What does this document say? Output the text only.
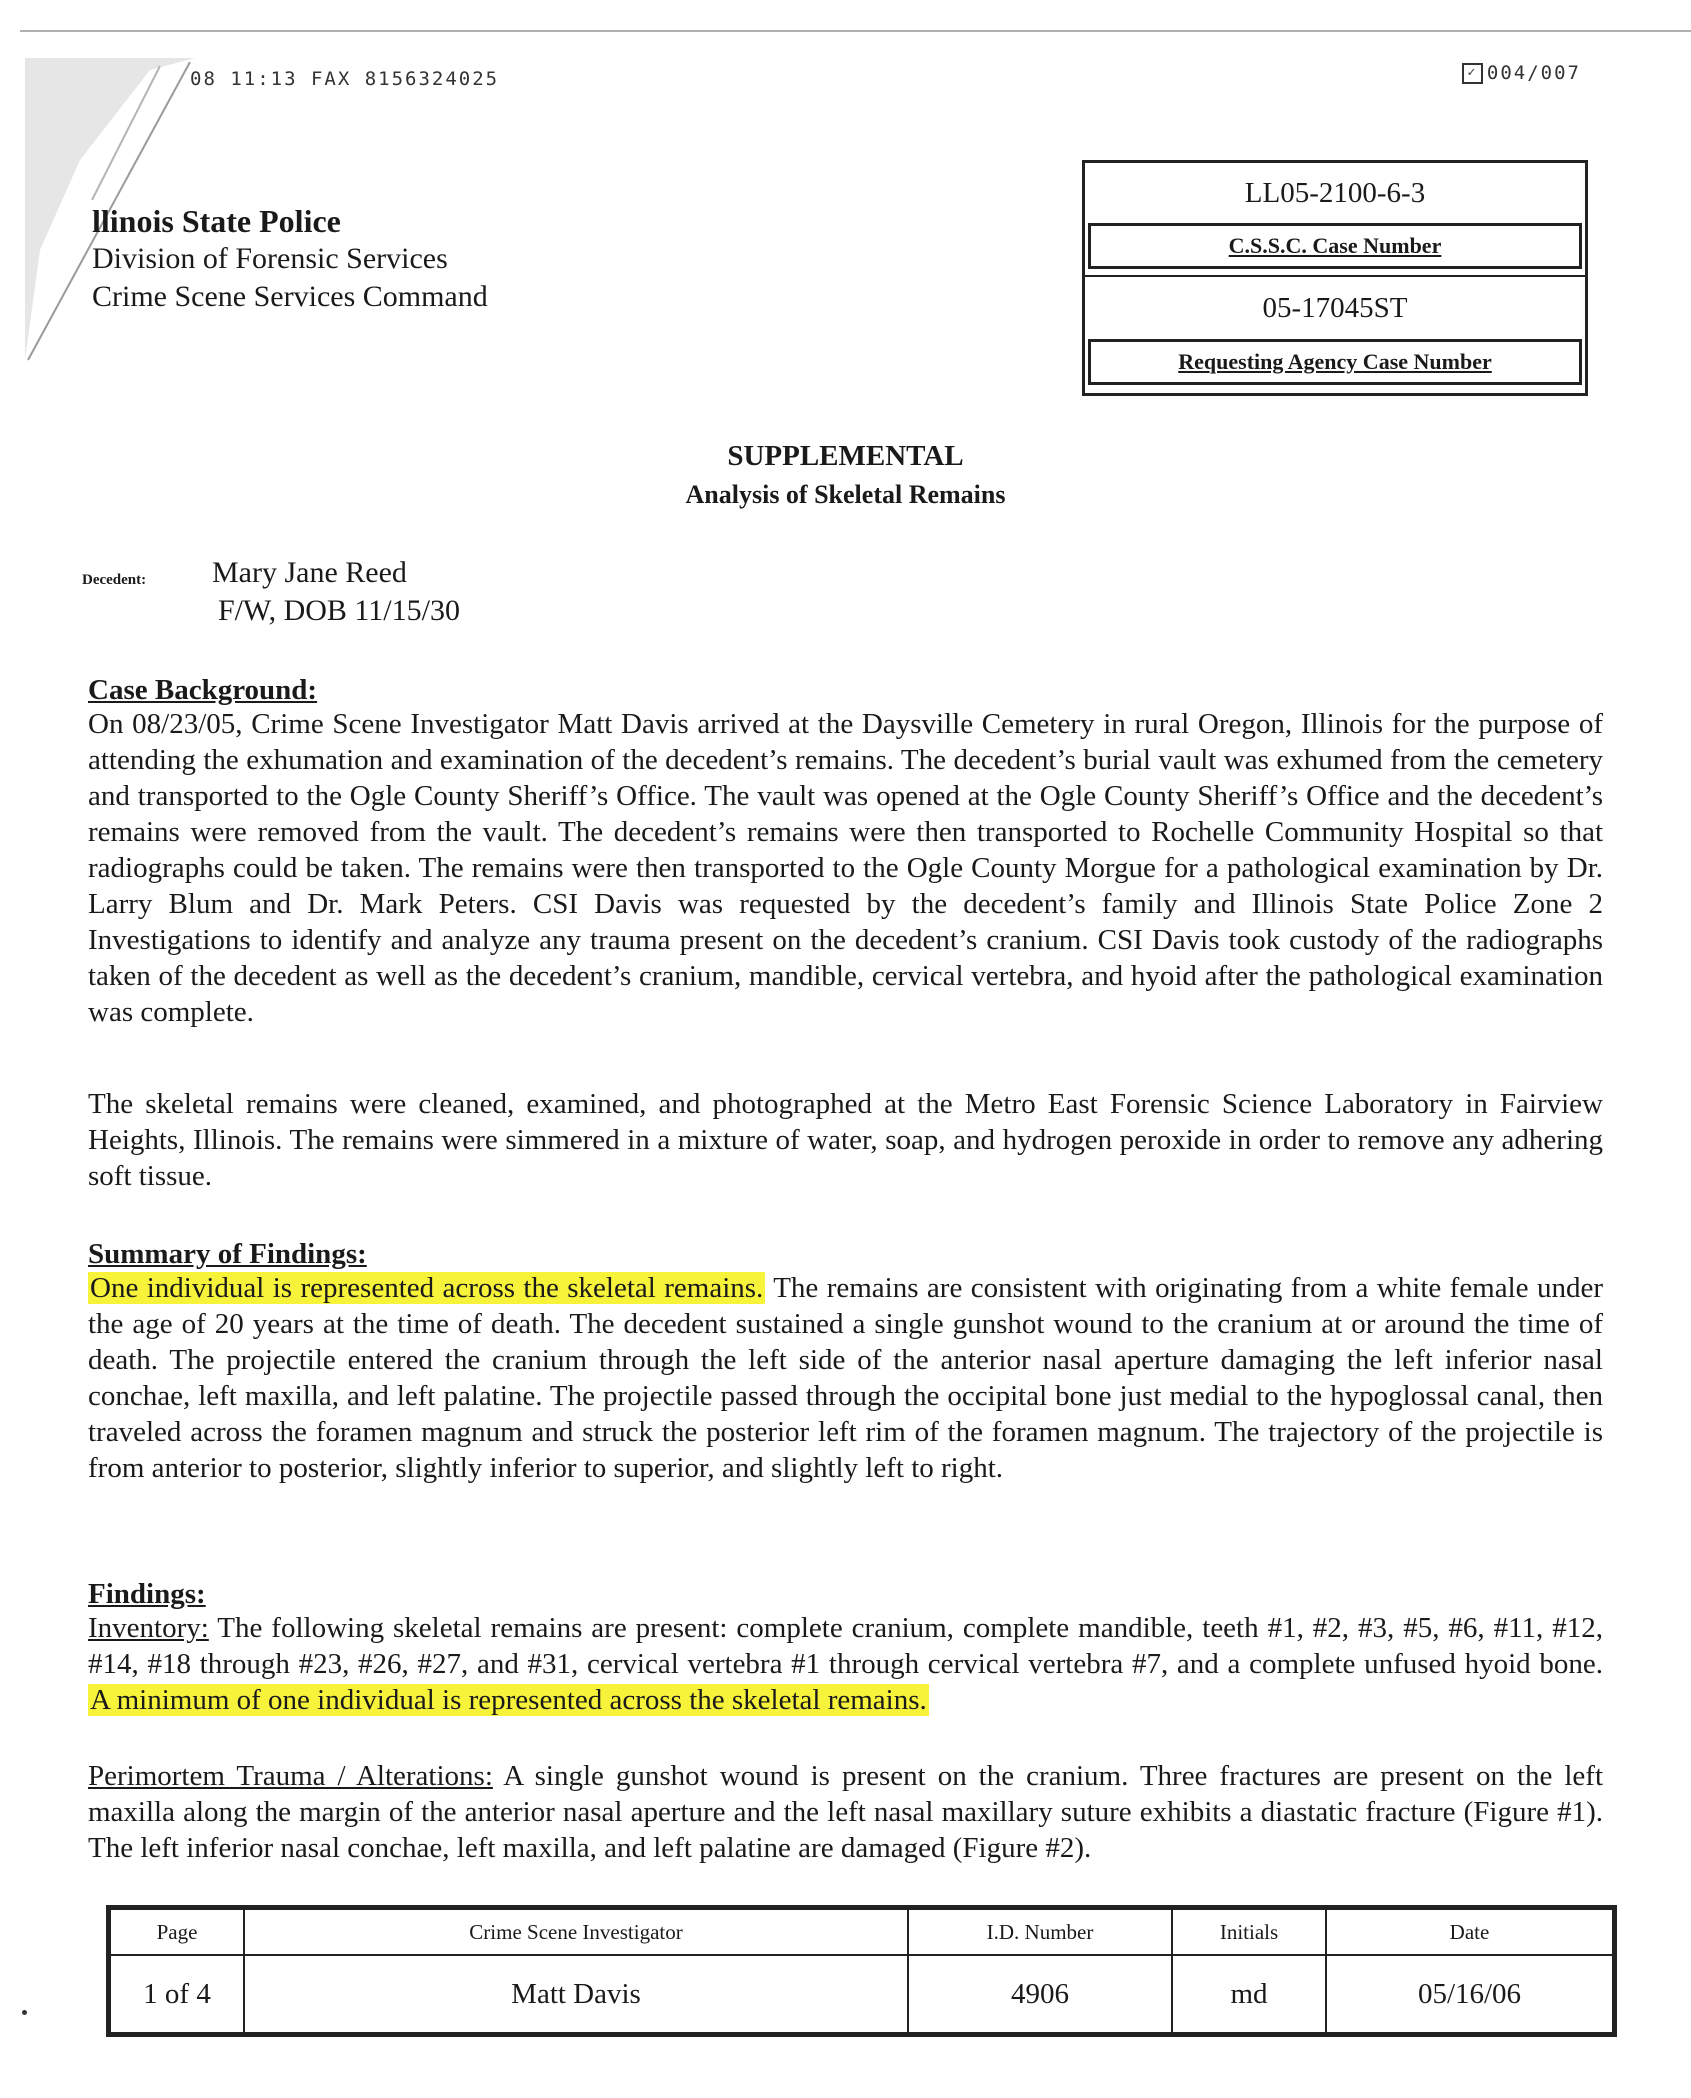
08 11:13 FAX 8156324025	✓ 004/007
llinois State Police
Division of Forensic Services
Crime Scene Services Command
LL05-2100-6-3
C.S.S.C. Case Number
05-17045ST
Requesting Agency Case Number
SUPPLEMENTAL
Analysis of Skeletal Remains
Decedent: Mary Jane Reed
F/W, DOB 11/15/30
Case Background:
On 08/23/05, Crime Scene Investigator Matt Davis arrived at the Daysville Cemetery in rural Oregon, Illinois for the purpose of attending the exhumation and examination of the decedent’s remains. The decedent’s burial vault was exhumed from the cemetery and transported to the Ogle County Sheriff’s Office. The vault was opened at the Ogle County Sheriff’s Office and the decedent’s remains were removed from the vault. The decedent’s remains were then transported to Rochelle Community Hospital so that radiographs could be taken. The remains were then transported to the Ogle County Morgue for a pathological examination by Dr. Larry Blum and Dr. Mark Peters. CSI Davis was requested by the decedent’s family and Illinois State Police Zone 2 Investigations to identify and analyze any trauma present on the decedent’s cranium. CSI Davis took custody of the radiographs taken of the decedent as well as the decedent’s cranium, mandible, cervical vertebra, and hyoid after the pathological examination was complete.
The skeletal remains were cleaned, examined, and photographed at the Metro East Forensic Science Laboratory in Fairview Heights, Illinois. The remains were simmered in a mixture of water, soap, and hydrogen peroxide in order to remove any adhering soft tissue.
Summary of Findings:
One individual is represented across the skeletal remains. The remains are consistent with originating from a white female under the age of 20 years at the time of death. The decedent sustained a single gunshot wound to the cranium at or around the time of death. The projectile entered the cranium through the left side of the anterior nasal aperture damaging the left inferior nasal conchae, left maxilla, and left palatine. The projectile passed through the occipital bone just medial to the hypoglossal canal, then traveled across the foramen magnum and struck the posterior left rim of the foramen magnum. The trajectory of the projectile is from anterior to posterior, slightly inferior to superior, and slightly left to right.
Findings:
Inventory: The following skeletal remains are present: complete cranium, complete mandible, teeth #1, #2, #3, #5, #6, #11, #12, #14, #18 through #23, #26, #27, and #31, cervical vertebra #1 through cervical vertebra #7, and a complete unfused hyoid bone. A minimum of one individual is represented across the skeletal remains.
Perimortem Trauma / Alterations: A single gunshot wound is present on the cranium. Three fractures are present on the left maxilla along the margin of the anterior nasal aperture and the left nasal maxillary suture exhibits a diastatic fracture (Figure #1). The left inferior nasal conchae, left maxilla, and left palatine are damaged (Figure #2).
Page	Crime Scene Investigator	I.D. Number	Initials	Date
1 of 4	Matt Davis	4906	md	05/16/06
